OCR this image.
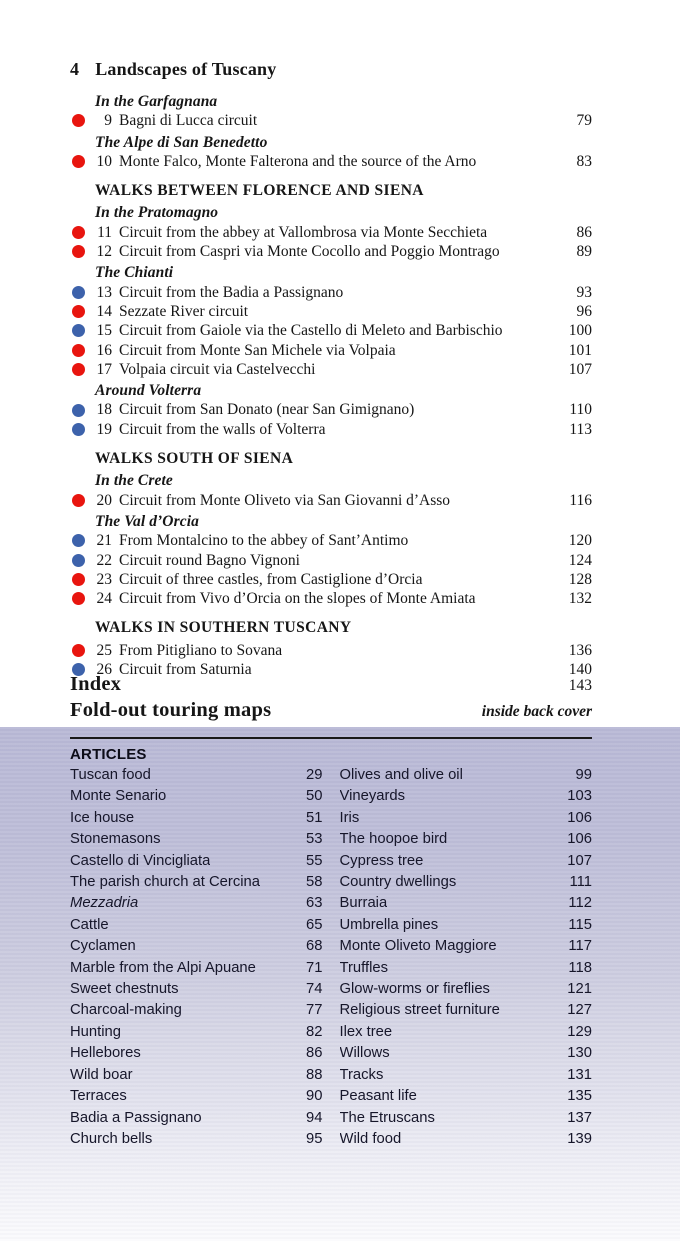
4 Landscapes of Tuscany
In the Garfagnana
9 Bagni di Lucca circuit	79
The Alpe di San Benedetto
10 Monte Falco, Monte Falterona and the source of the Arno	83
WALKS BETWEEN FLORENCE AND SIENA
In the Pratomagno
11 Circuit from the abbey at Vallombrosa via Monte Secchieta	86
12 Circuit from Caspri via Monte Cocollo and Poggio Montrago	89
The Chianti
13 Circuit from the Badia a Passignano	93
14 Sezzate River circuit	96
15 Circuit from Gaiole via the Castello di Meleto and Barbischio	100
16 Circuit from Monte San Michele via Volpaia	101
17 Volpaia circuit via Castelvecchi	107
Around Volterra
18 Circuit from San Donato (near San Gimignano)	110
19 Circuit from the walls of Volterra	113
WALKS SOUTH OF SIENA
In the Crete
20 Circuit from Monte Oliveto via San Giovanni d’Asso	116
The Val d’Orcia
21 From Montalcino to the abbey of Sant’Antimo	120
22 Circuit round Bagno Vignoni	124
23 Circuit of three castles, from Castiglione d’Orcia	128
24 Circuit from Vivo d’Orcia on the slopes of Monte Amiata	132
WALKS IN SOUTHERN TUSCANY
25 From Pitigliano to Sovana	136
26 Circuit from Saturnia	140
Index	143
Fold-out touring maps	inside back cover
ARTICLES
Tuscan food	29
Monte Senario	50
Ice house	51
Stonemasons	53
Castello di Vincigliata	55
The parish church at Cercina	58
Mezzadria	63
Cattle	65
Cyclamen	68
Marble from the Alpi Apuane	71
Sweet chestnuts	74
Charcoal-making	77
Hunting	82
Hellebores	86
Wild boar	88
Terraces	90
Badia a Passignano	94
Church bells	95
Olives and olive oil	99
Vineyards	103
Iris	106
The hoopoe bird	106
Cypress tree	107
Country dwellings	111
Burraia	112
Umbrella pines	115
Monte Oliveto Maggiore	117
Truffles	118
Glow-worms or fireflies	121
Religious street furniture	127
Ilex tree	129
Willows	130
Tracks	131
Peasant life	135
The Etruscans	137
Wild food	139
